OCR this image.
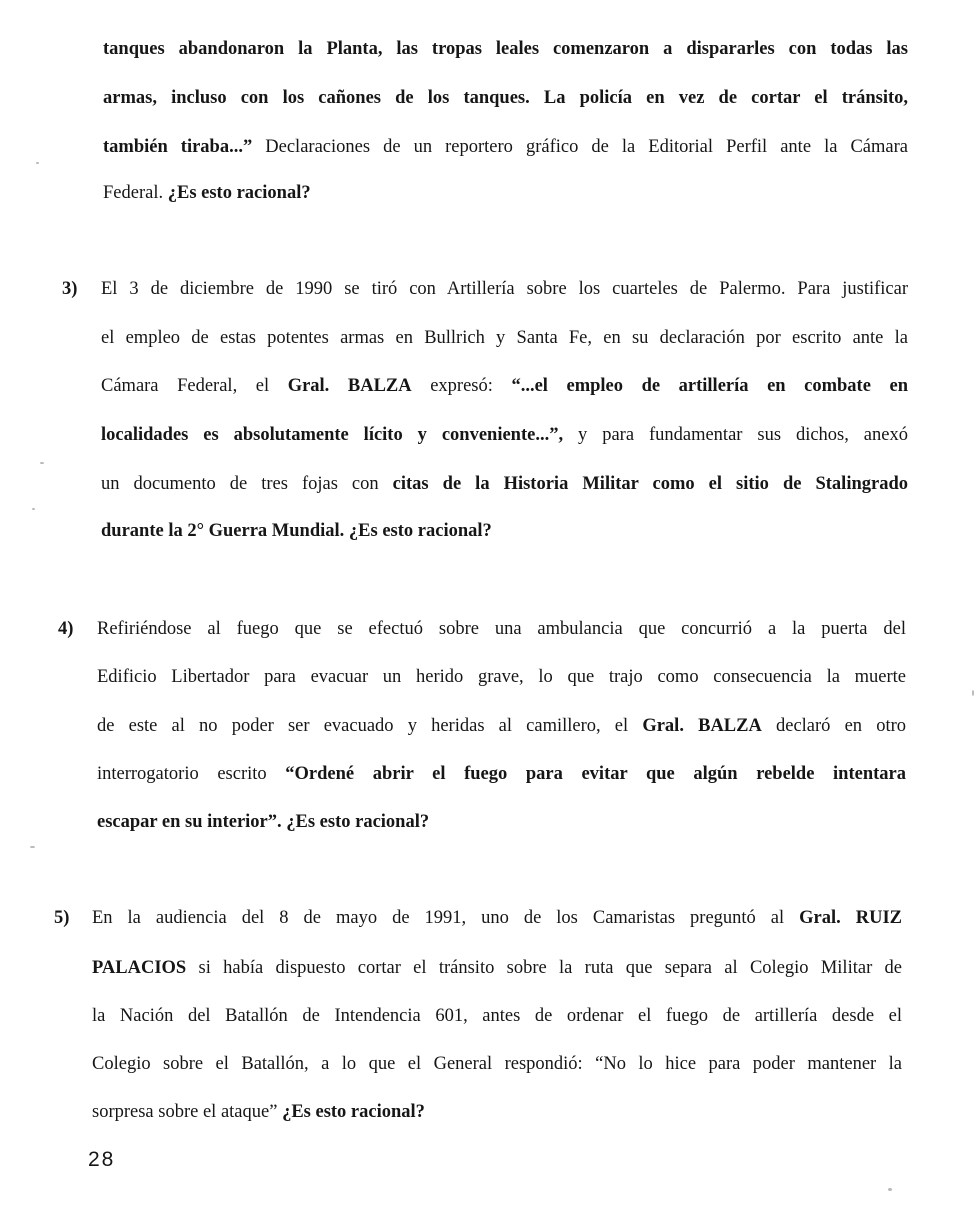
tanques abandonaron la Planta, las tropas leales comenzaron a dispararles con todas las
armas, incluso con los cañones de los tanques. La policía en vez de cortar el tránsito,
también tiraba...” Declaraciones de un reportero gráfico de la Editorial Perfil ante la Cámara
Federal. ¿Es esto racional?
3) El 3 de diciembre de 1990 se tiró con Artillería sobre los cuarteles de Palermo. Para justificar
el empleo de estas potentes armas en Bullrich y Santa Fe, en su declaración por escrito ante la
Cámara Federal, el Gral. BALZA expresó: “...el empleo de artillería en combate en
localidades es absolutamente lícito y conveniente...”, y para fundamentar sus dichos, anexó
un documento de tres fojas con citas de la Historia Militar como el sitio de Stalingrado
durante la 2° Guerra Mundial. ¿Es esto racional?
4) Refiriéndose al fuego que se efectuó sobre una ambulancia que concurrió a la puerta del
Edificio Libertador para evacuar un herido grave, lo que trajo como consecuencia la muerte
de este al no poder ser evacuado y heridas al camillero, el Gral. BALZA declaró en otro
interrogatorio escrito “Ordené abrir el fuego para evitar que algún rebelde intentara
escapar en su interior”. ¿Es esto racional?
5) En la audiencia del 8 de mayo de 1991, uno de los Camaristas preguntó al Gral. RUIZ
PALACIOS si había dispuesto cortar el tránsito sobre la ruta que separa al Colegio Militar de
la Nación del Batallón de Intendencia 601, antes de ordenar el fuego de artillería desde el
Colegio sobre el Batallón, a lo que el General respondió: “No lo hice para poder mantener la
sorpresa sobre el ataque” ¿Es esto racional?
28
